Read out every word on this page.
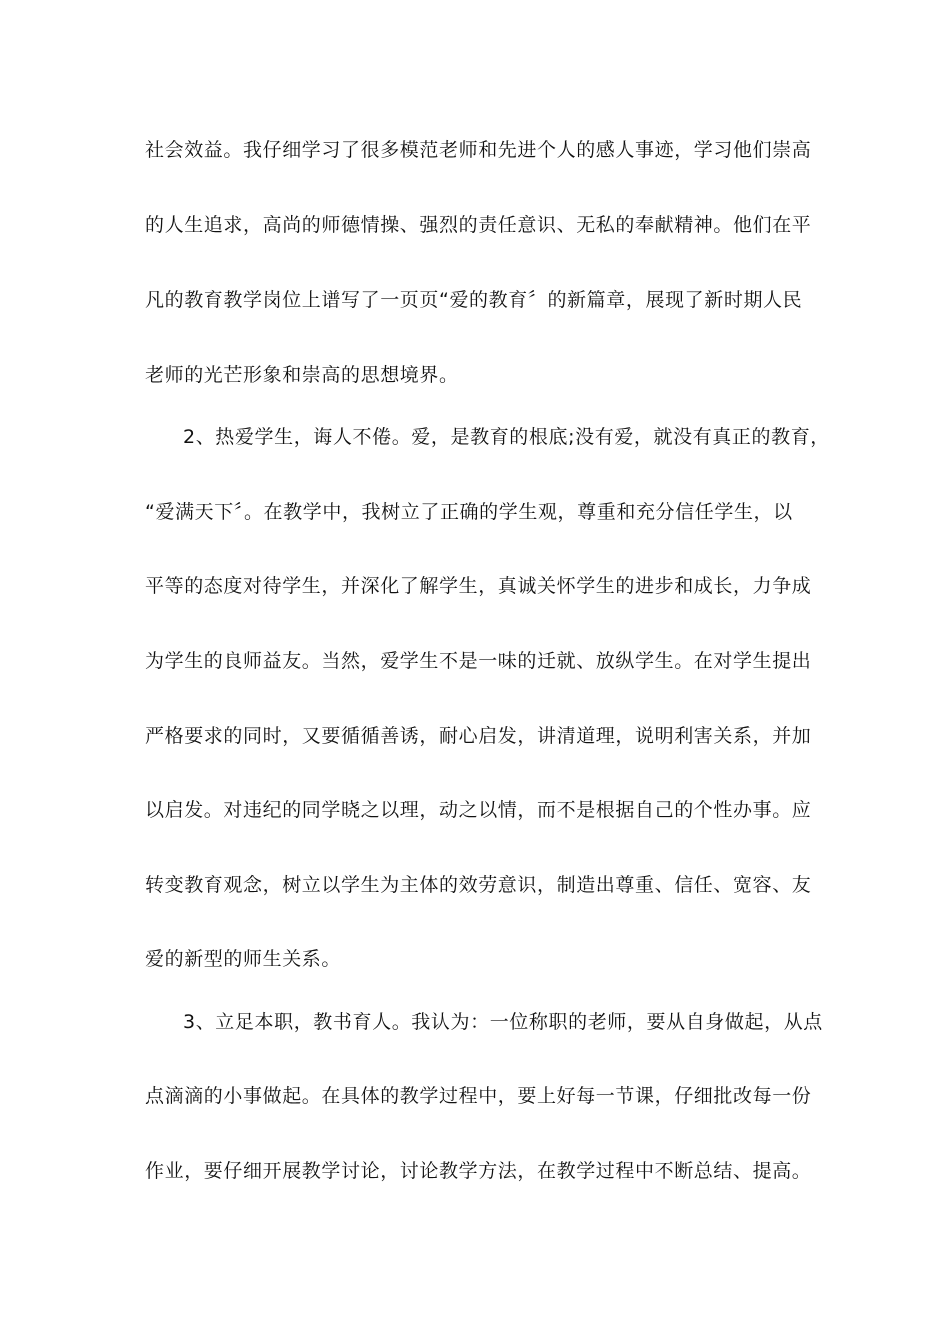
社会效益。我仔细学习了很多模范老师和先进个人的感人事迹，学习他们崇高
的人生追求，高尚的师德情操、强烈的责任意识、无私的奉献精神。他们在平
凡的教育教学岗位上谱写了一页页“爱的教育〞的新篇章，展现了新时期人民
老师的光芒形象和崇高的思想境界。
2、热爱学生，诲人不倦。爱，是教育的根底;没有爱，就没有真正的教育，
“爱满天下〞。在教学中，我树立了正确的学生观，尊重和充分信任学生，以
平等的态度对待学生，并深化了解学生，真诚关怀学生的进步和成长，力争成
为学生的良师益友。当然，爱学生不是一味的迁就、放纵学生。在对学生提出
严格要求的同时，又要循循善诱，耐心启发，讲清道理，说明利害关系，并加
以启发。对违纪的同学晓之以理，动之以情，而不是根据自己的个性办事。应
转变教育观念，树立以学生为主体的效劳意识，制造出尊重、信任、宽容、友
爱的新型的师生关系。
3、立足本职，教书育人。我认为：一位称职的老师，要从自身做起，从点
点滴滴的小事做起。在具体的教学过程中，要上好每一节课，仔细批改每一份
作业，要仔细开展教学讨论，讨论教学方法，在教学过程中不断总结、提高。
